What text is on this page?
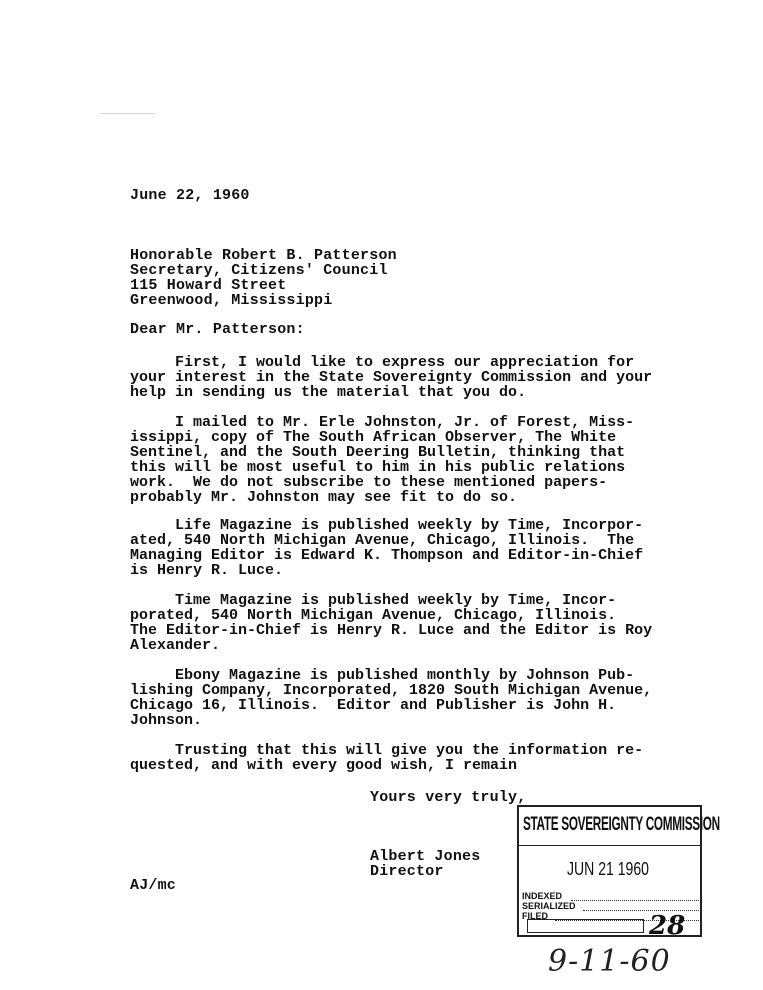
June 22, 1960
Honorable Robert B. Patterson
Secretary, Citizens' Council
115 Howard Street
Greenwood, Mississippi
Dear Mr. Patterson:
First, I would like to express our appreciation for
your interest in the State Sovereignty Commission and your
help in sending us the material that you do.
I mailed to Mr. Erle Johnston, Jr. of Forest, Miss-
issippi, copy of The South African Observer, The White
Sentinel, and the South Deering Bulletin, thinking that
this will be most useful to him in his public relations
work.  We do not subscribe to these mentioned papers-
probably Mr. Johnston may see fit to do so.
Life Magazine is published weekly by Time, Incorpor-
ated, 540 North Michigan Avenue, Chicago, Illinois.  The
Managing Editor is Edward K. Thompson and Editor-in-Chief
is Henry R. Luce.
Time Magazine is published weekly by Time, Incor-
porated, 540 North Michigan Avenue, Chicago, Illinois.
The Editor-in-Chief is Henry R. Luce and the Editor is Roy
Alexander.
Ebony Magazine is published monthly by Johnson Pub-
lishing Company, Incorporated, 1820 South Michigan Avenue,
Chicago 16, Illinois.  Editor and Publisher is John H.
Johnson.
Trusting that this will give you the information re-
quested, and with every good wish, I remain
Yours very truly,
Albert Jones
Director
AJ/mc
STATE SOVEREIGNTY COMMISSION
JUN 21 1960
INDEXED
SERIALIZED
FILED	28
9-11-60
